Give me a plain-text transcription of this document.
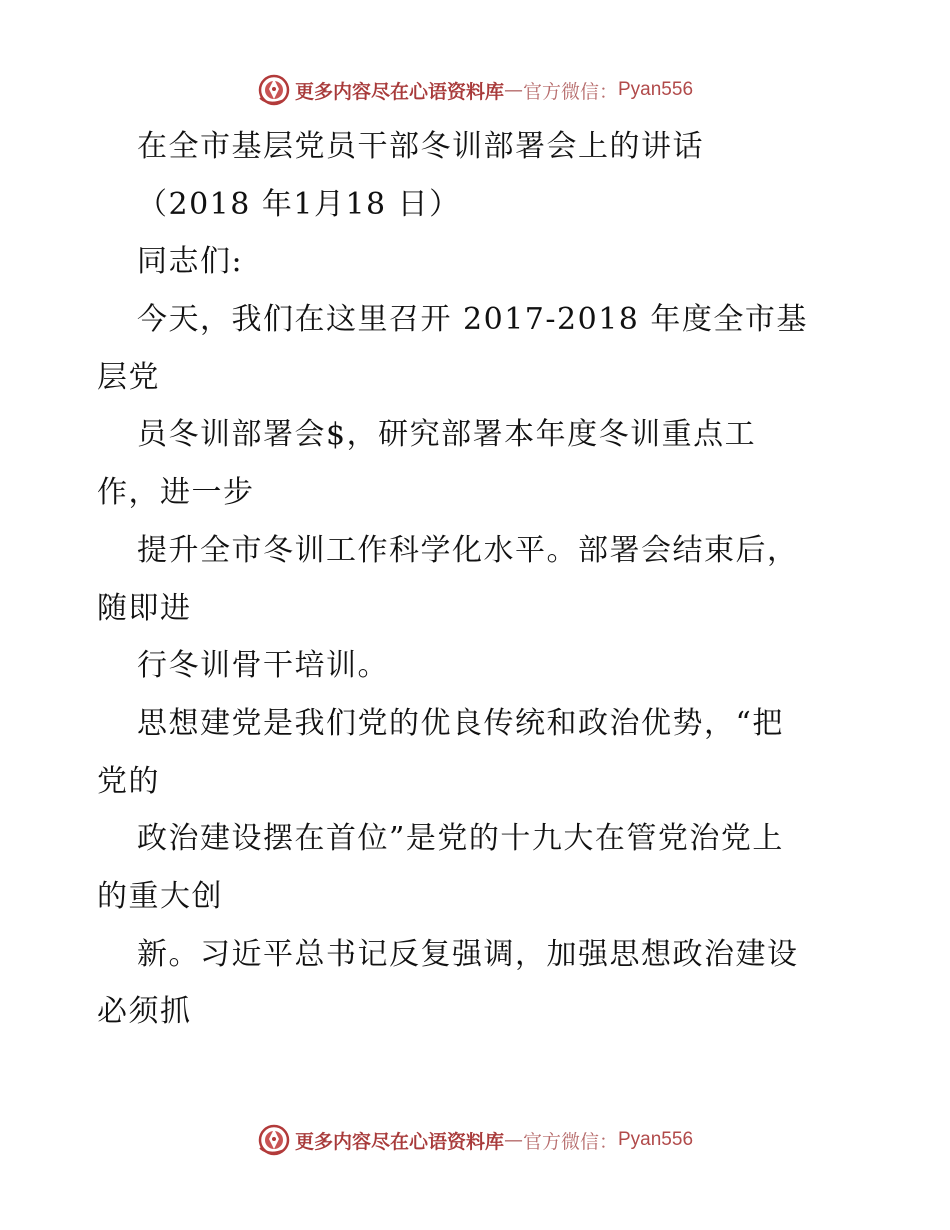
更多内容尽在心语资料库 — 官方微信： Pyan556
在全市基层党员干部冬训部署会上的讲话
（2018 年1月18 日）
同志们:
今天，我们在这里召开 2017-2018 年度全市基
层党
员冬训部署会$，研究部署本年度冬训重点工
作，进一步
提升全市冬训工作科学化水平。部署会结束后，
随即进
行冬训骨干培训。
思想建党是我们党的优良传统和政治优势，“把
党的
政治建设摆在首位”是党的十九大在管党治党上
的重大创
新。习近平总书记反复强调，加强思想政治建设
必须抓
更多内容尽在心语资料库 — 官方微信： Pyan556
